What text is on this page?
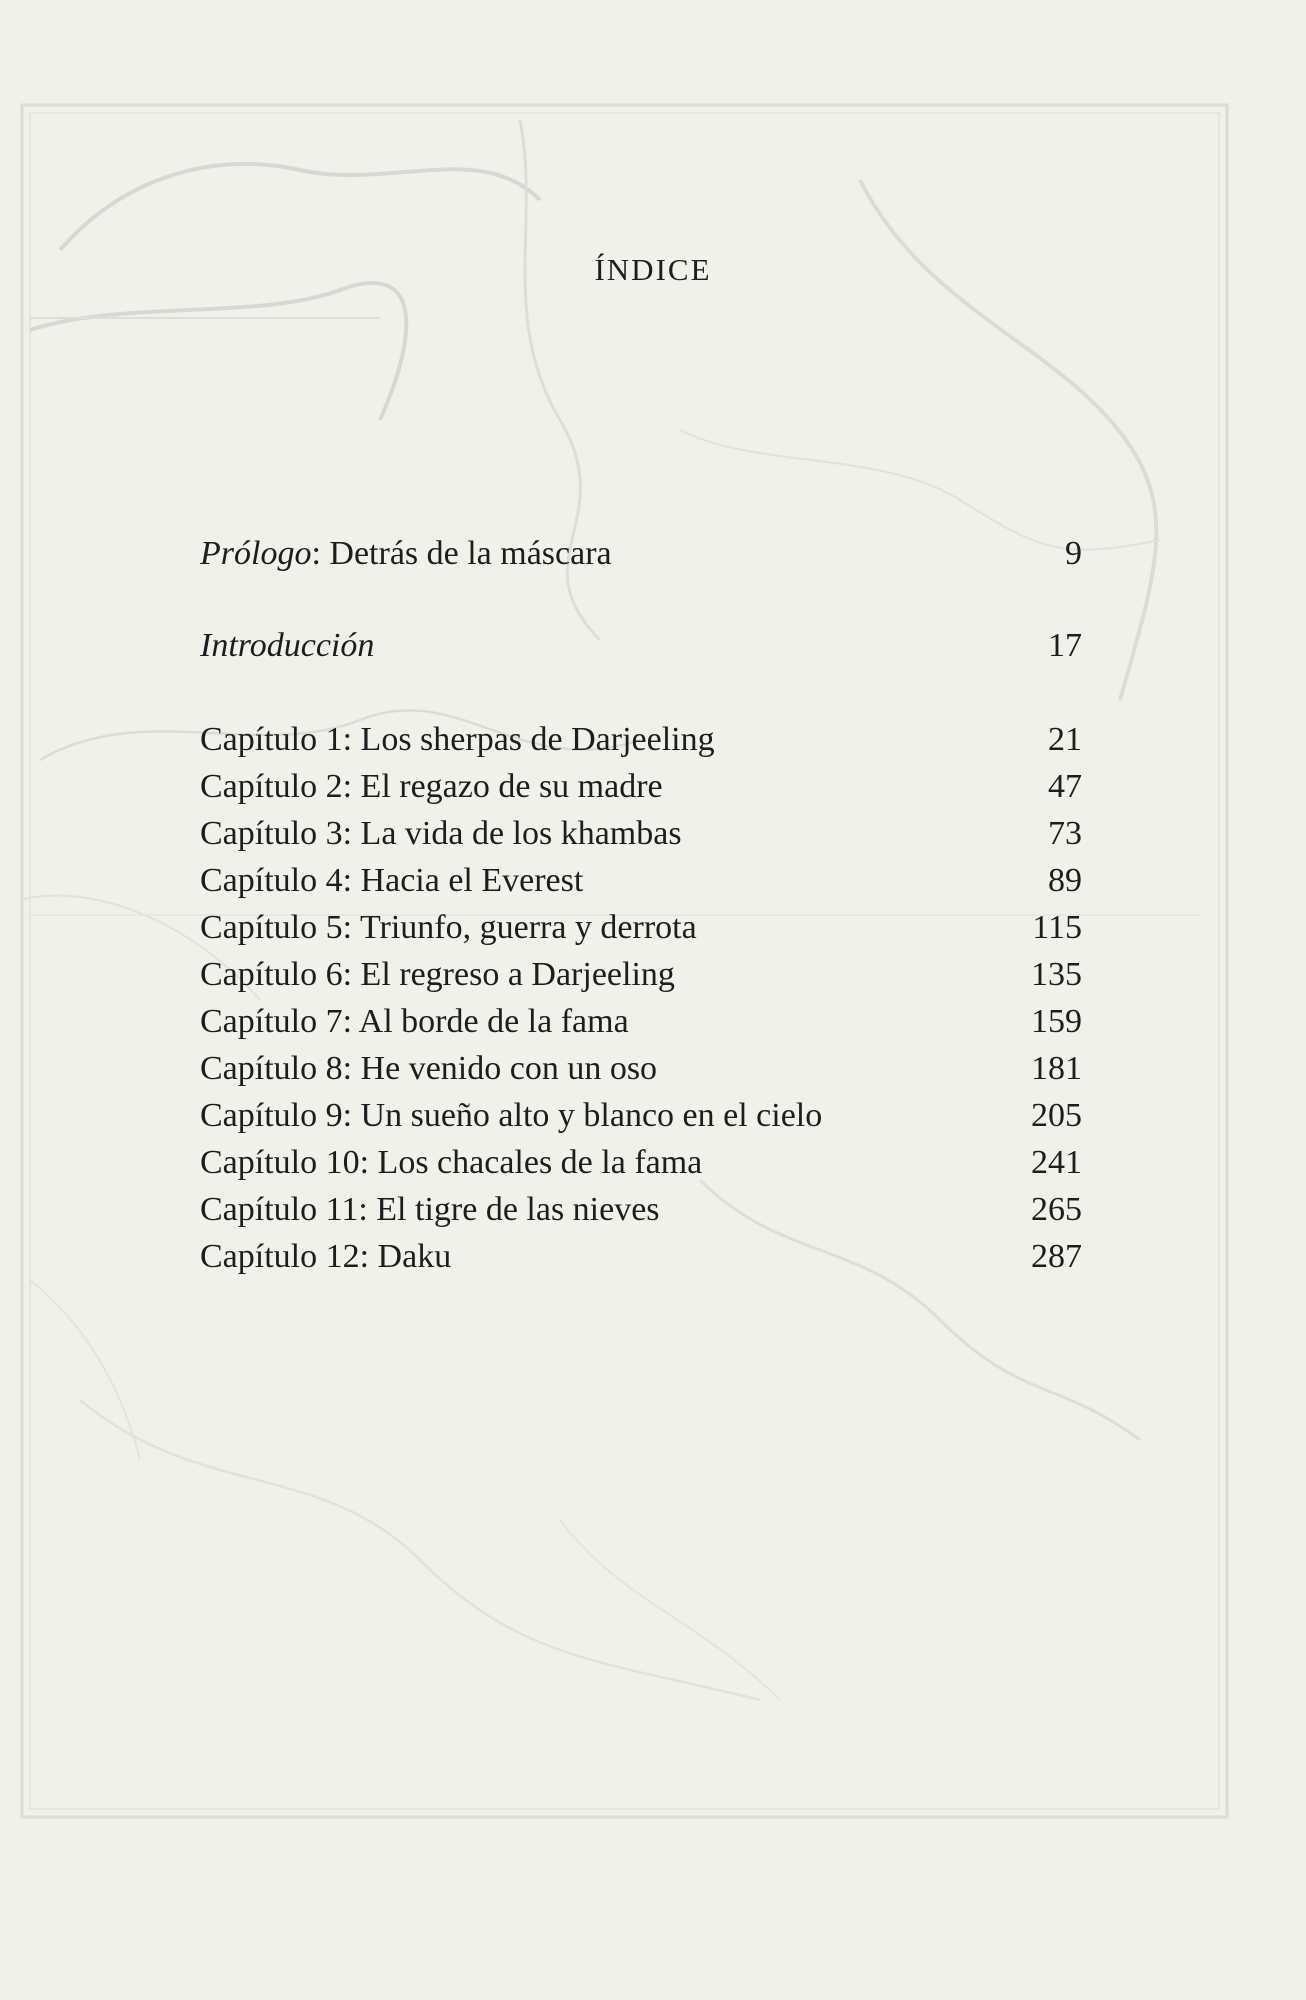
ÍNDICE
Prólogo: Detrás de la máscara	9
Introducción	17
Capítulo 1: Los sherpas de Darjeeling	21
Capítulo 2: El regazo de su madre	47
Capítulo 3: La vida de los khambas	73
Capítulo 4: Hacia el Everest	89
Capítulo 5: Triunfo, guerra y derrota	115
Capítulo 6: El regreso a Darjeeling	135
Capítulo 7: Al borde de la fama	159
Capítulo 8: He venido con un oso	181
Capítulo 9: Un sueño alto y blanco en el cielo	205
Capítulo 10: Los chacales de la fama	241
Capítulo 11: El tigre de las nieves	265
Capítulo 12: Daku	287
